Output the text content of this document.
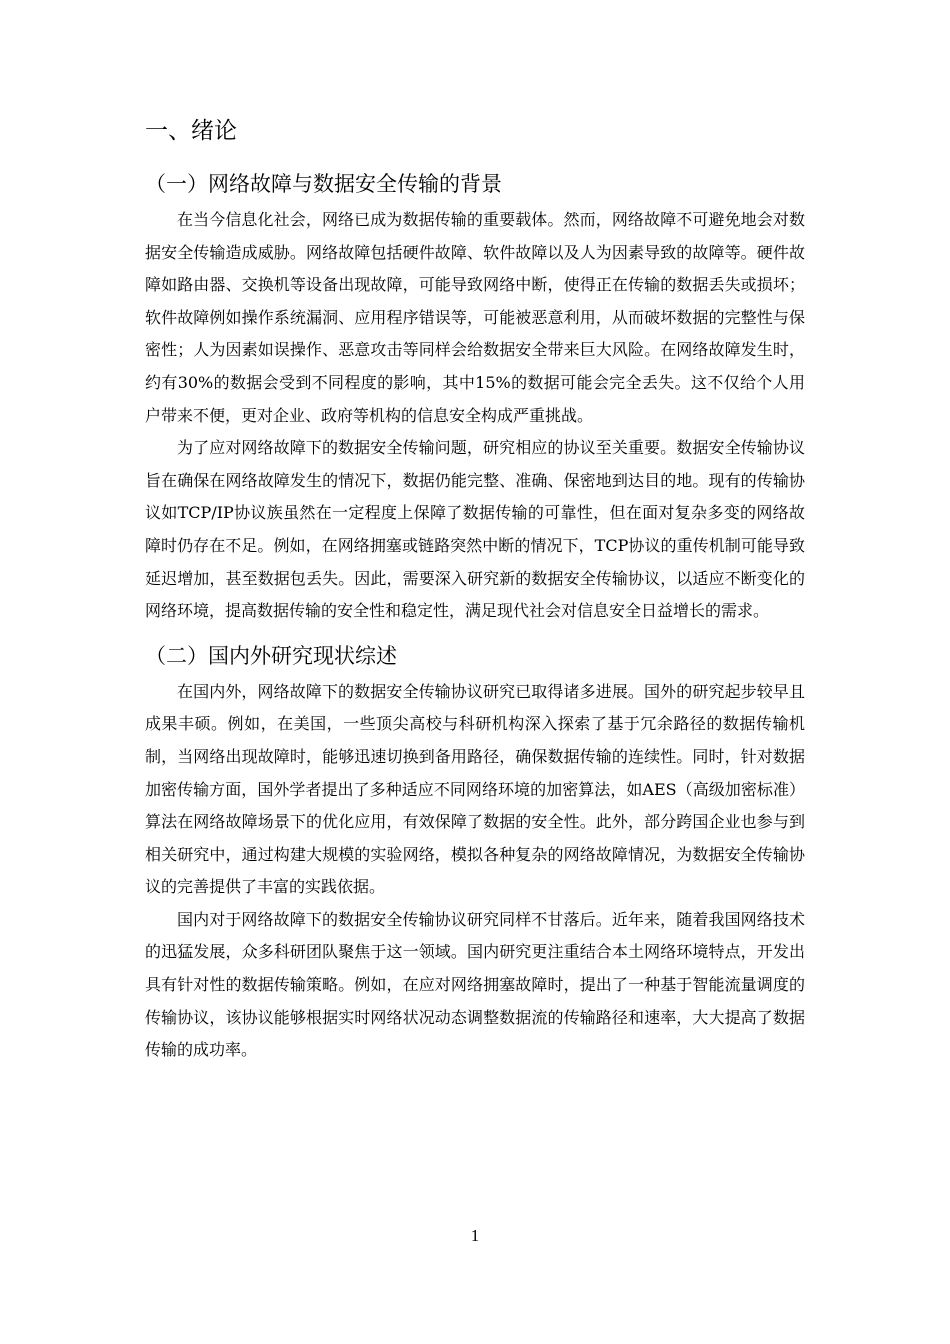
一、绪论
（一）网络故障与数据安全传输的背景

在当今信息化社会，网络已成为数据传输的重要载体。然而，网络故障不可避免地会对数据安全传输造成威胁。网络故障包括硬件故障、软件故障以及人为因素导致的故障等。硬件故障如路由器、交换机等设备出现故障，可能导致网络中断，使得正在传输的数据丢失或损坏；软件故障例如操作系统漏洞、应用程序错误等，可能被恶意利用，从而破坏数据的完整性与保密性；人为因素如误操作、恶意攻击等同样会给数据安全带来巨大风险。在网络故障发生时，约有30%的数据会受到不同程度的影响，其中15%的数据可能会完全丢失。这不仅给个人用户带来不便，更对企业、政府等机构的信息安全构成严重挑战。

为了应对网络故障下的数据安全传输问题，研究相应的协议至关重要。数据安全传输协议旨在确保在网络故障发生的情况下，数据仍能完整、准确、保密地到达目的地。现有的传输协议如TCP/IP协议族虽然在一定程度上保障了数据传输的可靠性，但在面对复杂多变的网络故障时仍存在不足。例如，在网络拥塞或链路突然中断的情况下，TCP协议的重传机制可能导致延迟增加，甚至数据包丢失。因此，需要深入研究新的数据安全传输协议，以适应不断变化的网络环境，提高数据传输的安全性和稳定性，满足现代社会对信息安全日益增长的需求。

（二）国内外研究现状综述

在国内外，网络故障下的数据安全传输协议研究已取得诸多进展。国外的研究起步较早且成果丰硕。例如，在美国，一些顶尖高校与科研机构深入探索了基于冗余路径的数据传输机制，当网络出现故障时，能够迅速切换到备用路径，确保数据传输的连续性。同时，针对数据加密传输方面，国外学者提出了多种适应不同网络环境的加密算法，如AES（高级加密标准）算法在网络故障场景下的优化应用，有效保障了数据的安全性。此外，部分跨国企业也参与到相关研究中，通过构建大规模的实验网络，模拟各种复杂的网络故障情况，为数据安全传输协议的完善提供了丰富的实践依据。

国内对于网络故障下的数据安全传输协议研究同样不甘落后。近年来，随着我国网络技术的迅猛发展，众多科研团队聚焦于这一领域。国内研究更注重结合本土网络环境特点，开发出具有针对性的数据传输策略。例如，在应对网络拥塞故障时，提出了一种基于智能流量调度的传输协议，该协议能够根据实时网络状况动态调整数据流的传输路径和速率，大大提高了数据传输的成功率。

1
